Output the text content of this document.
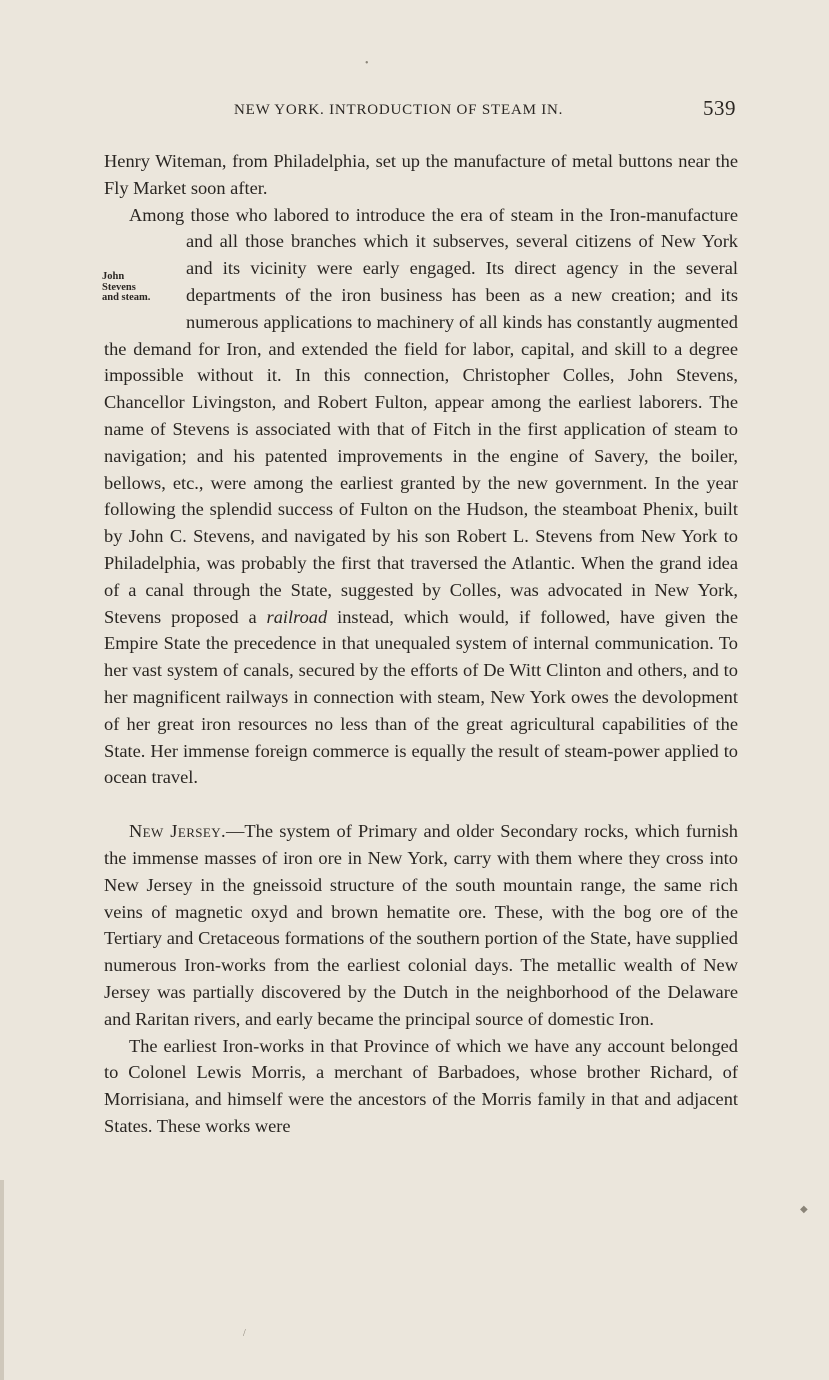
NEW YORK. INTRODUCTION OF STEAM IN.	539
John
Stevens
and steam.

Henry Witeman, from Philadelphia, set up the manufacture of metal buttons near the Fly Market soon after.

Among those who labored to introduce the era of steam in the Iron-manufacture and all those branches which it subserves, several
citizens of New York and its vicinity were early engaged. Its direct agency in the several departments of the iron business has been as a new creation; and its numerous applications to machinery of all kinds has constantly augmented the demand for Iron, and extended the field for labor, capital, and skill to a degree impossible without it. In this connection, Christopher Colles, John Stevens, Chancellor Livingston, and Robert Fulton, appear among the earliest laborers. The name of Stevens is associated with that of Fitch in the first application of steam to navigation; and his patented improvements in the engine of Savery, the boiler, bellows, etc., were among the earliest granted by the new government. In the year following the splendid success of Fulton on the Hudson, the steamboat Phenix, built by John C. Stevens, and navigated by his son Robert L. Stevens from New York to Philadelphia, was probably the first that traversed the Atlantic. When the grand idea of a canal through the State, suggested by Colles, was advocated in New York, Stevens proposed a railroad instead, which would, if followed, have given the Empire State the precedence in that unequaled system of internal communication. To her vast system of canals, secured by the efforts of De Witt Clinton and others, and to her magnificent railways in connection with steam, New York owes the devolopment of her great iron resources no less than of the great agricultural capabilities of the State. Her immense foreign commerce is equally the result of steam-power applied to ocean travel.

New Jersey.—The system of Primary and older Secondary rocks, which furnish the immense masses of iron ore in New York, carry with them where they cross into New Jersey in the gneissoid structure of the south mountain range, the same rich veins of magnetic oxyd and brown hematite ore. These, with the bog ore of the Tertiary and Cretaceous formations of the southern portion of the State, have supplied numerous Iron-works from the earliest colonial days. The metallic wealth of New Jersey was partially discovered by the Dutch in the neighborhood of the Delaware and Raritan rivers, and early became the principal source of domestic Iron.

The earliest Iron-works in that Province of which we have any account belonged to Colonel Lewis Morris, a merchant of Barbadoes, whose brother Richard, of Morrisiana, and himself were the ancestors of the Morris family in that and adjacent States. These works were

•
◆
/
